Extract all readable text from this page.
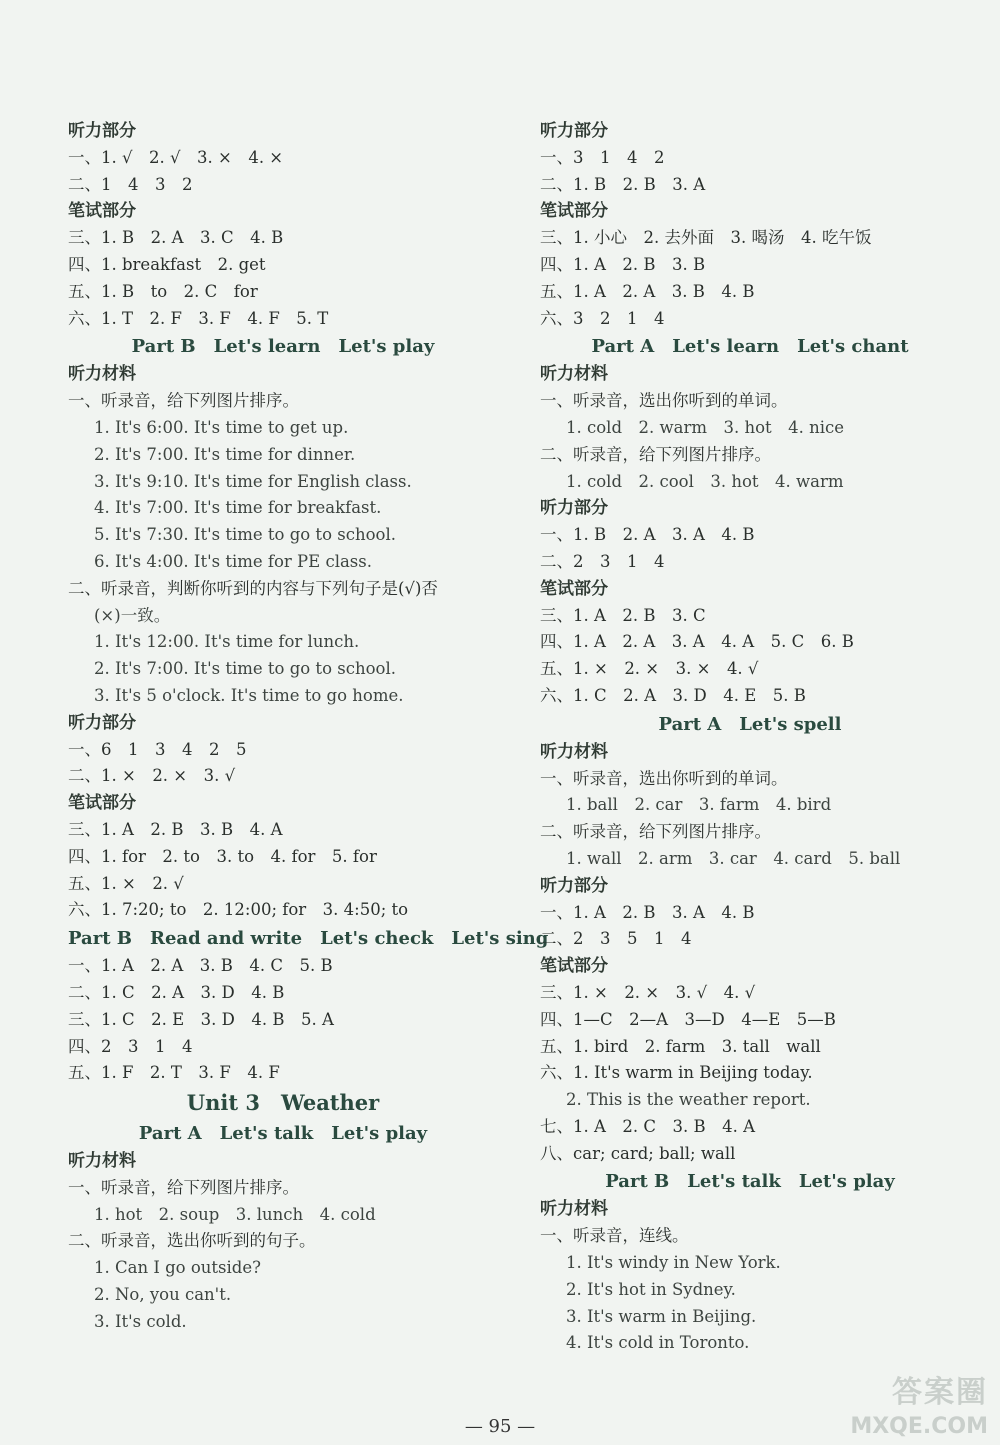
听力部分
一、1. √　2. √　3. ×　4. ×
二、1　4　3　2
笔试部分
三、1. B　2. A　3. C　4. B
四、1. breakfast　2. get
五、1. B　to　2. C　for
六、1. T　2. F　3. F　4. F　5. T
Part B　Let's learn　Let's play
听力材料
一、听录音，给下列图片排序。
1. It's 6:00. It's time to get up.
2. It's 7:00. It's time for dinner.
3. It's 9:10. It's time for English class.
4. It's 7:00. It's time for breakfast.
5. It's 7:30. It's time to go to school.
6. It's 4:00. It's time for PE class.
二、听录音，判断你听到的内容与下列句子是(√)否
(×)一致。
1. It's 12:00. It's time for lunch.
2. It's 7:00. It's time to go to school.
3. It's 5 o'clock. It's time to go home.
听力部分
一、6　1　3　4　2　5
二、1. ×　2. ×　3. √
笔试部分
三、1. A　2. B　3. B　4. A
四、1. for　2. to　3. to　4. for　5. for
五、1. ×　2. √
六、1. 7:20; to　2. 12:00; for　3. 4:50; to
Part B　Read and write　Let's check　Let's sing
一、1. A　2. A　3. B　4. C　5. B
二、1. C　2. A　3. D　4. B
三、1. C　2. E　3. D　4. B　5. A
四、2　3　1　4
五、1. F　2. T　3. F　4. F
Unit 3　Weather
Part A　Let's talk　Let's play
听力材料
一、听录音，给下列图片排序。
1. hot　2. soup　3. lunch　4. cold
二、听录音，选出你听到的句子。
1. Can I go outside?
2. No, you can't.
3. It's cold.
听力部分
一、3　1　4　2
二、1. B　2. B　3. A
笔试部分
三、1. 小心　2. 去外面　3. 喝汤　4. 吃午饭
四、1. A　2. B　3. B
五、1. A　2. A　3. B　4. B
六、3　2　1　4
Part A　Let's learn　Let's chant
听力材料
一、听录音，选出你听到的单词。
1. cold　2. warm　3. hot　4. nice
二、听录音，给下列图片排序。
1. cold　2. cool　3. hot　4. warm
听力部分
一、1. B　2. A　3. A　4. B
二、2　3　1　4
笔试部分
三、1. A　2. B　3. C
四、1. A　2. A　3. A　4. A　5. C　6. B
五、1. ×　2. ×　3. ×　4. √
六、1. C　2. A　3. D　4. E　5. B
Part A　Let's spell
听力材料
一、听录音，选出你听到的单词。
1. ball　2. car　3. farm　4. bird
二、听录音，给下列图片排序。
1. wall　2. arm　3. car　4. card　5. ball
听力部分
一、1. A　2. B　3. A　4. B
二、2　3　5　1　4
笔试部分
三、1. ×　2. ×　3. √　4. √
四、1—C　2—A　3—D　4—E　5—B
五、1. bird　2. farm　3. tall　wall
六、1. It's warm in Beijing today.
2. This is the weather report.
七、1. A　2. C　3. B　4. A
八、car; card; ball; wall
Part B　Let's talk　Let's play
听力材料
一、听录音，连线。
1. It's windy in New York.
2. It's hot in Sydney.
3. It's warm in Beijing.
4. It's cold in Toronto.
— 95 —
答案圈
MXQE.COM
